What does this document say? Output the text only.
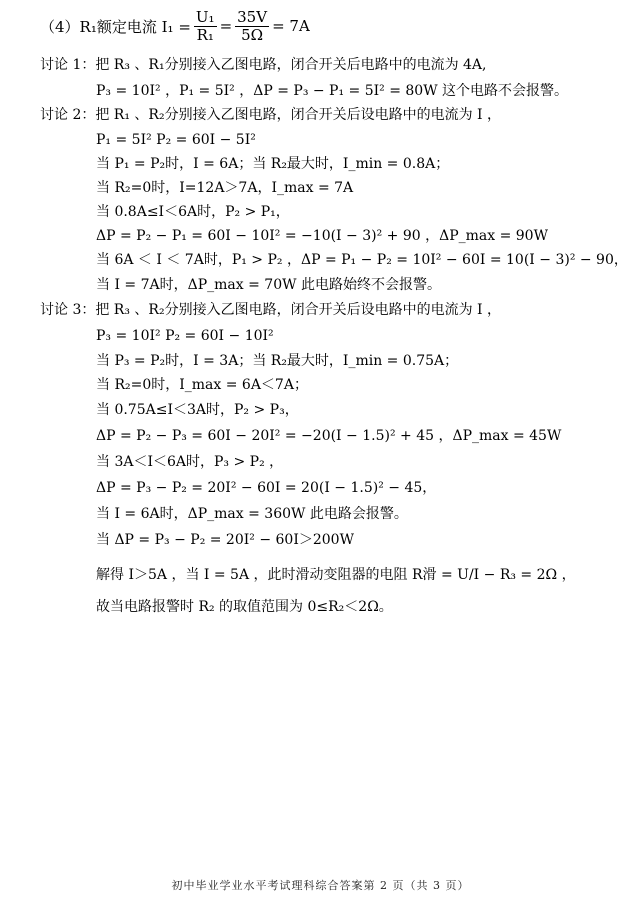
（4） R₁额定电流 $I_1 = \frac{\text{U₁}}{\text{R₁}} = \frac{35V}{5\Omega} = 7A$
讨论 1：把 R₃ 、R₁分别接入乙图电路，闭合开关后电路中的电流为 4A,
P₃ = 10I² ，P₁ = 5I² ，ΔP = P₃ − P₁ = 5I² = 80W 这个电路不会报警。
讨论 2：把 R₁ 、R₂分别接入乙图电路，闭合开关后设电路中的电流为 I ，
P₁ = 5I² P₂ = 60I − 5I²
当 P₁ = P₂时，I = 6A；当 R₂最大时，I_min = 0.8A；
当 R₂=0时，I=12A＞7A，I_max = 7A
当 0.8A≤I＜6A时，P₂ > P₁，
ΔP = P₂ − P₁ = 60I − 10I² = −10(I − 3)² + 90 ，ΔP_max = 90W
当 6A ＜ I ＜ 7A时，P₁ > P₂ ，ΔP = P₁ − P₂ = 10I² − 60I = 10(I − 3)² − 90，
当 I = 7A时，ΔP_max = 70W 此电路始终不会报警。
讨论 3：把 R₃ 、R₂分别接入乙图电路，闭合开关后设电路中的电流为 I ，
P₃ = 10I² P₂ = 60I − 10I²
当 P₃ = P₂时，I = 3A；当 R₂最大时，I_min = 0.75A；
当 R₂=0时，I_max = 6A＜7A；
当 0.75A≤I＜3A时，P₂ > P₃，
ΔP = P₂ − P₃ = 60I − 20I² = −20(I − 1.5)² + 45 ，ΔP_max = 45W
当 3A＜I＜6A时，P₃ > P₂ ，
ΔP = P₃ − P₂ = 20I² − 60I = 20(I − 1.5)² − 45，
当 I = 6A时，ΔP_max = 360W 此电路会报警。
当 ΔP = P₃ − P₂ = 20I² − 60I＞200W
解得 I＞5A ，当 I = 5A ，此时滑动变阻器的电阻 R滑 = U/I − R₃ = 2Ω ，
故当电路报警时 R₂ 的取值范围为 0≤R₂＜2Ω。
初中毕业学业水平考试理科综合答案第 2 页（共 3 页）
